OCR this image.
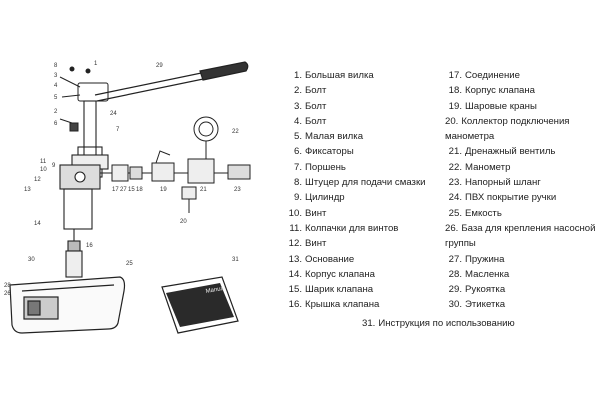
Manual
8
3
1
4
5
29
2
6
7	22
11
10
9
12
13	17 27 15 18	19
20
21	23
14
16
30
25
31
28
26
24
1. Большая вилка
2. Болт
3. Болт
4. Болт
5. Малая вилка
6. Фиксаторы
7. Поршень
8. Штуцер для подачи смазки
9. Цилиндр
10. Винт
11. Колпачки для винтов
12. Винт
13. Основание
14. Корпус клапана
15. Шарик клапана
16. Крышка клапана
17. Соединение
18. Корпус клапана
19. Шаровые краны
20. Коллектор подключения манометра
21. Дренажный вентиль
22. Манометр
23. Напорный шланг
24. ПВХ покрытие ручки
25. Емкость
26. База для крепления насосной группы
27. Пружина
28. Масленка
29. Рукоятка
30. Этикетка
31. Инструкция по использованию
